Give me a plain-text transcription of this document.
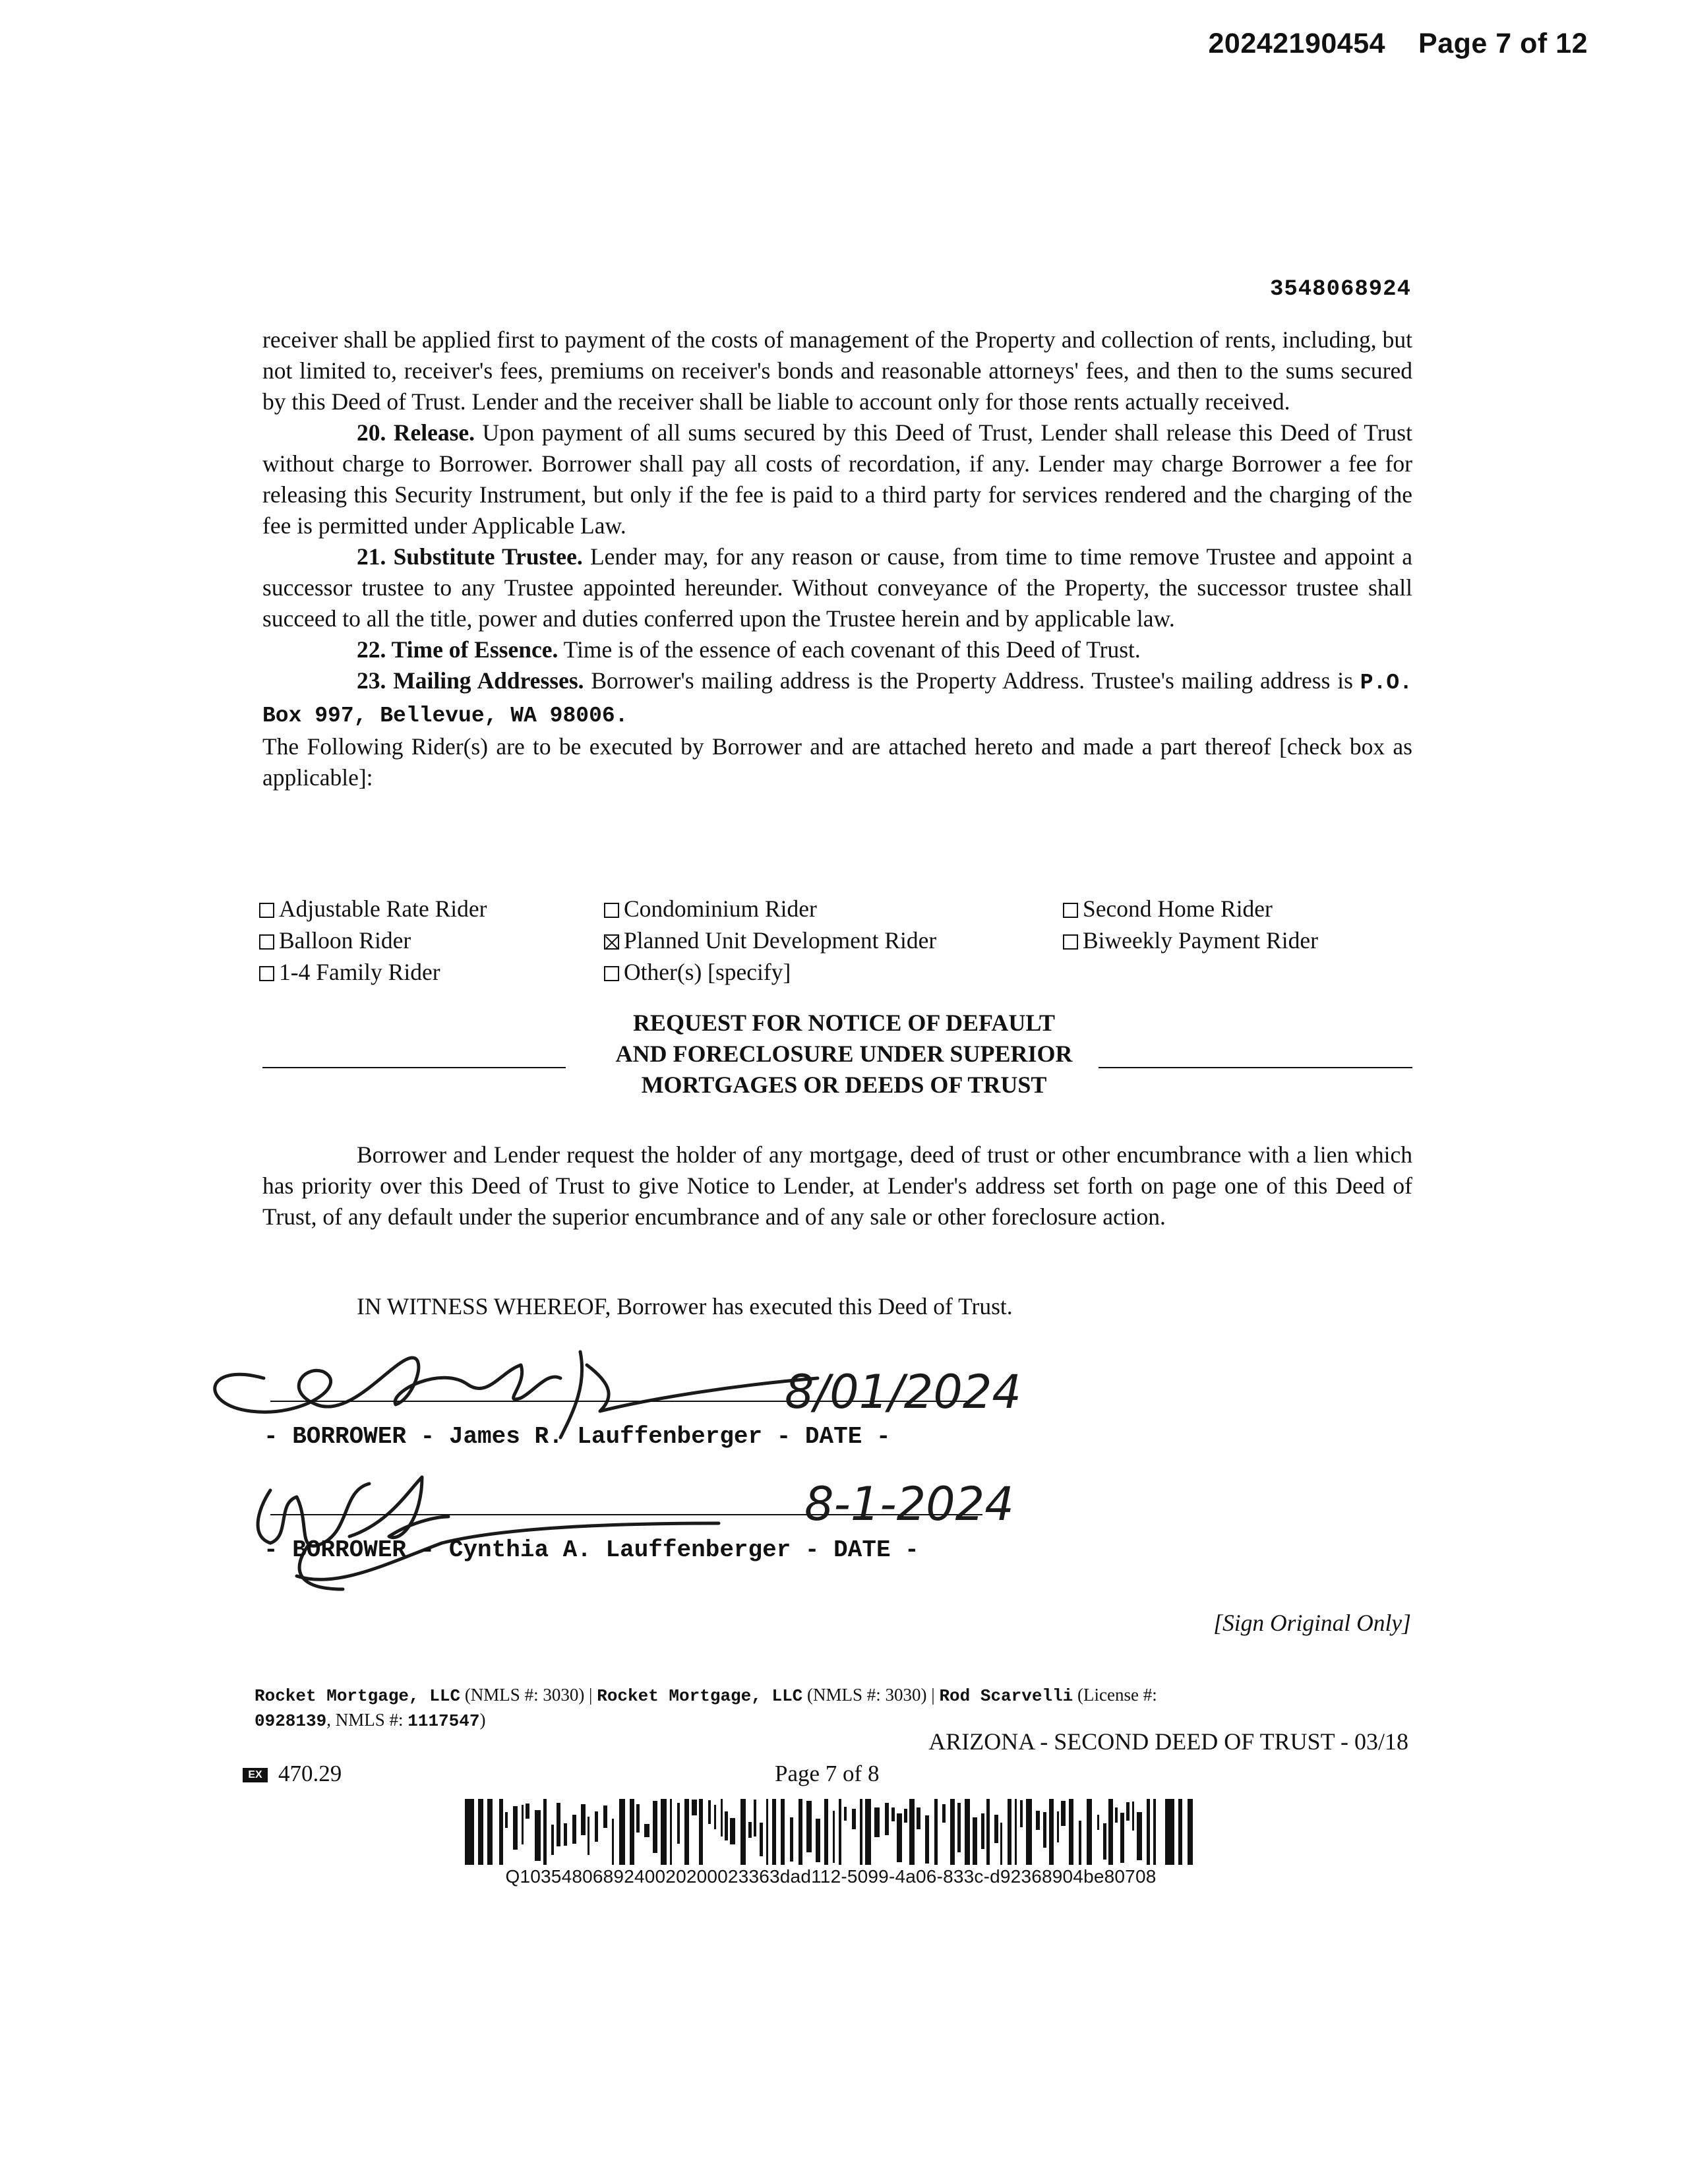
20242190454 Page 7 of 12
3548068924

receiver shall be applied first to payment of the costs of management of the Property and collection of rents, including, but not limited to, receiver's fees, premiums on receiver's bonds and reasonable attorneys' fees, and then to the sums secured by this Deed of Trust. Lender and the receiver shall be liable to account only for those rents actually received.

20. Release. Upon payment of all sums secured by this Deed of Trust, Lender shall release this Deed of Trust without charge to Borrower. Borrower shall pay all costs of recordation, if any. Lender may charge Borrower a fee for releasing this Security Instrument, but only if the fee is paid to a third party for services rendered and the charging of the fee is permitted under Applicable Law.

21. Substitute Trustee. Lender may, for any reason or cause, from time to time remove Trustee and appoint a successor trustee to any Trustee appointed hereunder. Without conveyance of the Property, the successor trustee shall succeed to all the title, power and duties conferred upon the Trustee herein and by applicable law.

22. Time of Essence. Time is of the essence of each covenant of this Deed of Trust.

23. Mailing Addresses. Borrower's mailing address is the Property Address. Trustee's mailing address is P.O. Box 997, Bellevue, WA 98006.

The Following Rider(s) are to be executed by Borrower and are attached hereto and made a part thereof [check box as applicable]:

Adjustable Rate Rider
Balloon Rider
1-4 Family Rider
Condominium Rider
Planned Unit Development Rider
Other(s) [specify]
Second Home Rider
Biweekly Payment Rider
REQUEST FOR NOTICE OF DEFAULT
AND FORECLOSURE UNDER SUPERIOR
MORTGAGES OR DEEDS OF TRUST
Borrower and Lender request the holder of any mortgage, deed of trust or other encumbrance with a lien which has priority over this Deed of Trust to give Notice to Lender, at Lender's address set forth on page one of this Deed of Trust, of any default under the superior encumbrance and of any sale or other foreclosure action.
IN WITNESS WHEREOF, Borrower has executed this Deed of Trust.
- BORROWER - James R. Lauffenberger - DATE -
8/01/2024
- BORROWER - Cynthia A. Lauffenberger - DATE -
8-1-2024
[Sign Original Only]
Rocket Mortgage, LLC (NMLS #: 3030) | Rocket Mortgage, LLC (NMLS #: 3030) | Rod Scarvelli (License #:
0928139, NMLS #: 1117547)
ARIZONA - SECOND DEED OF TRUST - 03/18
EX 470.29	Page 7 of 8
Q1035480689240020200023363dad112-5099-4a06-833c-d92368904be80708
